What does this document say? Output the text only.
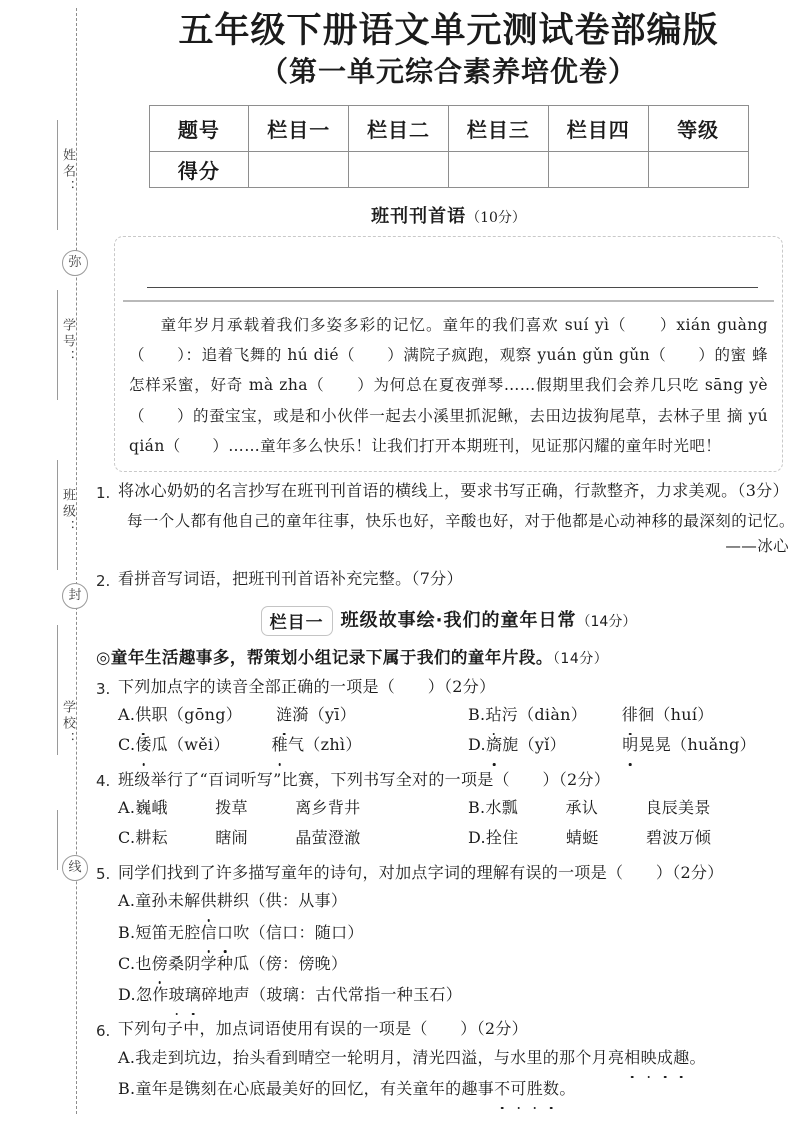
姓名：
弥
学号：
班级：
封
学校：
线
五年级下册语文单元测试卷部编版
（第一单元综合素养培优卷）
题号	栏目一	栏目二	栏目三	栏目四	等级
得分					
班刊刊首语（10分）
童年岁月承载着我们多姿多彩的记忆。童年的我们喜欢 suí yì（　　）xián guàng （　　）：追着飞舞的 hú dié（　　）满院子疯跑，观察 yuán gǔn gǔn（　　）的蜜 蜂怎样采蜜，好奇 mà zha（　　）为何总在夏夜弹琴……假期里我们会养几只吃 sāng yè（　　）的蚕宝宝，或是和小伙伴一起去小溪里抓泥鳅，去田边拔狗尾草，去林子里 摘 yú qián（　　）……童年多么快乐！让我们打开本期班刊，见证那闪耀的童年时光吧！
1. 将冰心奶奶的名言抄写在班刊刊首语的横线上，要求书写正确，行款整齐，力求美观。（3分）
每一个人都有他自己的童年往事，快乐也好，辛酸也好，对于他都是心动神移的最深刻的记忆。
——冰心
2. 看拼音写词语，把班刊刊首语补充完整。（7分）
栏目一 班级故事绘·我们的童年日常（14分）
◎童年生活趣事多，帮策划小组记录下属于我们的童年片段。（14分）
3. 下列加点字的读音全部正确的一项是（　　）（2分）
A.供职（gōng） 涟漪（yī）	B.玷污（diàn） 徘徊（huí）
C.倭瓜（wěi）	稚气（zhì）	D.旖旎（yǐ）	明晃晃（huǎng）
4. 班级举行了“百词听写”比赛，下列书写全对的一项是（　　）（2分）
A.巍峨	拨草	离乡背井	B.水瓢	承认	良辰美景
C.耕耘	瞎闹	晶萤澄澈	D.拴住	蜻蜓	碧波万倾
5. 同学们找到了许多描写童年的诗句，对加点字词的理解有误的一项是（　　）（2分）
A.童孙未解供耕织（供：从事）
B.短笛无腔信口吹（信口：随口）
C.也傍桑阴学种瓜（傍：傍晚）
D.忽作玻璃碎地声（玻璃：古代常指一种玉石）
6. 下列句子中，加点词语使用有误的一项是（　　）（2分）
A.我走到坑边，抬头看到晴空一轮明月，清光四溢，与水里的那个月亮相映成趣。
B.童年是镌刻在心底最美好的回忆，有关童年的趣事不可胜数。
